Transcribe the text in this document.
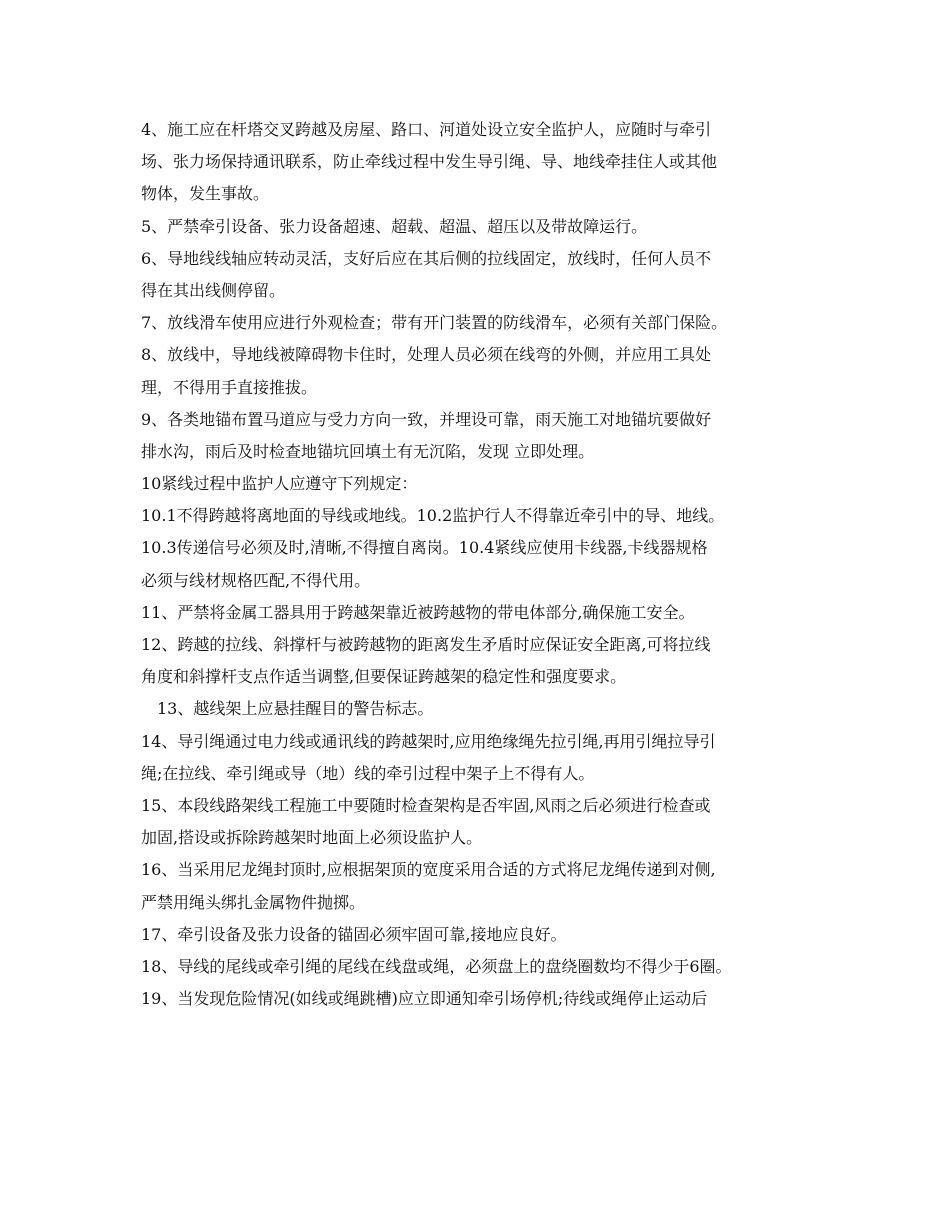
4、施工应在杆塔交叉跨越及房屋、路口、河道处设立安全监护人，应随时与牵引
场、张力场保持通讯联系，防止牵线过程中发生导引绳、导、地线牵挂住人或其他
物体，发生事故。
5、严禁牵引设备、张力设备超速、超载、超温、超压以及带故障运行。
6、导地线线轴应转动灵活，支好后应在其后侧的拉线固定，放线时，任何人员不
得在其出线侧停留。
7、放线滑车使用应进行外观检查；带有开门装置的防线滑车，必须有关部门保险。
8、放线中，导地线被障碍物卡住时，处理人员必须在线弯的外侧，并应用工具处
理，不得用手直接推拔。
9、各类地锚布置马道应与受力方向一致，并埋设可靠，雨天施工对地锚坑要做好
排水沟，雨后及时检查地锚坑回填土有无沉陷，发现 立即处理。
10紧线过程中监护人应遵守下列规定：
10.1不得跨越将离地面的导线或地线。10.2监护行人不得靠近牵引中的导、地线。
10.3传递信号必须及时,清晰,不得擅自离岗。10.4紧线应使用卡线器,卡线器规格
必须与线材规格匹配,不得代用。
11、严禁将金属工器具用于跨越架靠近被跨越物的带电体部分,确保施工安全。
12、跨越的拉线、斜撑杆与被跨越物的距离发生矛盾时应保证安全距离,可将拉线
角度和斜撑杆支点作适当调整,但要保证跨越架的稳定性和强度要求。
13、越线架上应悬挂醒目的警告标志。
14、导引绳通过电力线或通讯线的跨越架时,应用绝缘绳先拉引绳,再用引绳拉导引
绳;在拉线、牵引绳或导（地）线的牵引过程中架子上不得有人。
15、本段线路架线工程施工中要随时检查架构是否牢固,风雨之后必须进行检查或
加固,搭设或拆除跨越架时地面上必须设监护人。
16、当采用尼龙绳封顶时,应根据架顶的宽度采用合适的方式将尼龙绳传递到对侧,
严禁用绳头绑扎金属物件抛掷。
17、牵引设备及张力设备的锚固必须牢固可靠,接地应良好。
18、导线的尾线或牵引绳的尾线在线盘或绳，必须盘上的盘绕圈数均不得少于6圈。
19、当发现危险情况(如线或绳跳槽)应立即通知牵引场停机;待线或绳停止运动后
